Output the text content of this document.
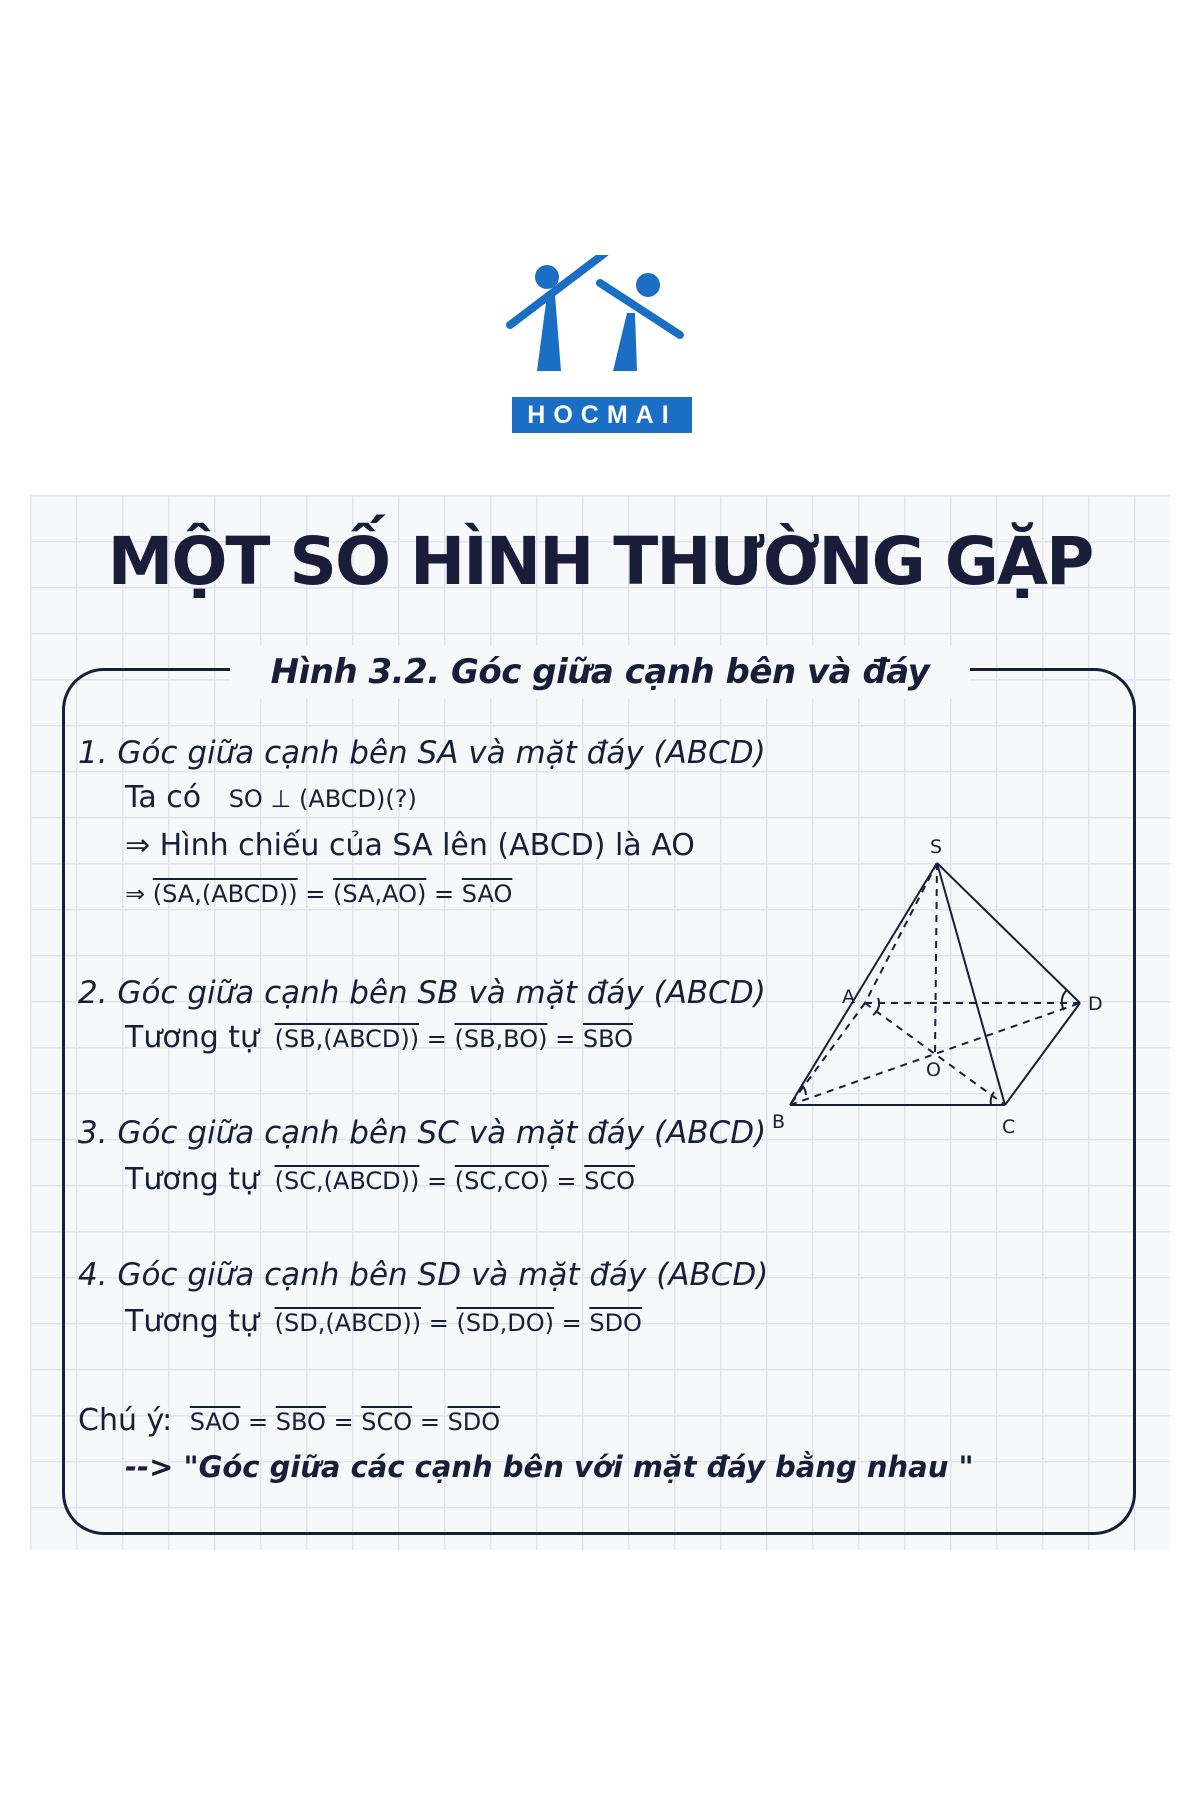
HOCMAI
MỘT SỐ HÌNH THƯỜNG GẶP
Hình 3.2. Góc giữa cạnh bên và đáy
1. Góc giữa cạnh bên SA và mặt đáy (ABCD)
Ta có SO ⊥ (ABCD)(?)
⇒ Hình chiếu của SA lên (ABCD) là AO
⇒ (SA,(ABCD)) = $(SA,AO) = \overline{SAO}$
2. Góc giữa cạnh bên SB và mặt đáy (ABCD)
Tương tự (SB,(ABCD)) = $(SB,BO) = \overline{SBO}$
3. Góc giữa cạnh bên SC và mặt đáy (ABCD)
Tương tự (SC,(ABCD)) = $(SC,CO) = \overline{SCO}$
4. Góc giữa cạnh bên SD và mặt đáy (ABCD)
Tương tự (SD,(ABCD)) = $(SD,DO) = \overline{SDO}$
Chú ý: $\overline{SAO} = \overline{SBO} = \overline{SCO} = \overline{SDO}$
--> "Góc giữa các cạnh bên với mặt đáy bằng nhau "
S
A
B	C
D
O
